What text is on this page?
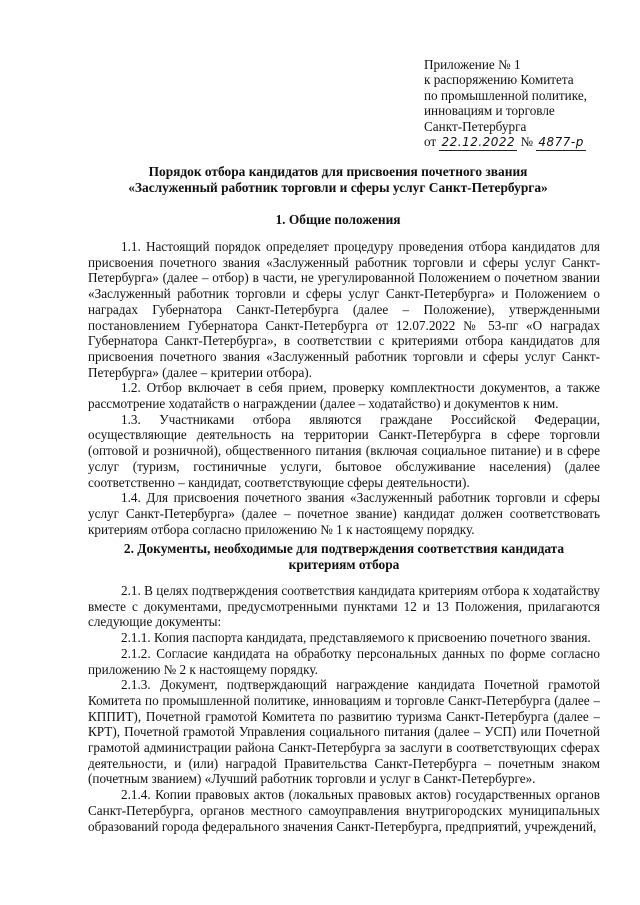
Приложение № 1
к распоряжению Комитета
по промышленной политике,
инновациям и торговле
Санкт-Петербурга
от 22.12.2022 № 4877-р
Порядок отбора кандидатов для присвоения почетного звания
«Заслуженный работник торговли и сферы услуг Санкт-Петербурга»
1. Общие положения

1.1. Настоящий порядок определяет процедуру проведения отбора кандидатов для присвоения почетного звания «Заслуженный работник торговли и сферы услуг Санкт-Петербурга» (далее – отбор) в части, не урегулированной Положением о почетном звании «Заслуженный работник торговли и сферы услуг Санкт-Петербурга» и Положением о наградах Губернатора Санкт-Петербурга (далее – Положение), утвержденными постановлением Губернатора Санкт-Петербурга от 12.07.2022 № 53-пг «О наградах Губернатора Санкт-Петербурга», в соответствии с критериями отбора кандидатов для присвоения почетного звания «Заслуженный работник торговли и сферы услуг Санкт-Петербурга» (далее – критерии отбора).

1.2. Отбор включает в себя прием, проверку комплектности документов, а также рассмотрение ходатайств о награждении (далее – ходатайство) и документов к ним.

1.3. Участниками отбора являются граждане Российской Федерации, осуществляющие деятельность на территории Санкт-Петербурга в сфере торговли (оптовой и розничной), общественного питания (включая социальное питание) и в сфере услуг (туризм, гостиничные услуги, бытовое обслуживание населения) (далее соответственно – кандидат, соответствующие сферы деятельности).

1.4. Для присвоения почетного звания «Заслуженный работник торговли и сферы услуг Санкт-Петербурга» (далее – почетное звание) кандидат должен соответствовать критериям отбора согласно приложению № 1 к настоящему порядку.

2. Документы, необходимые для подтверждения соответствия кандидата
критериям отбора

2.1. В целях подтверждения соответствия кандидата критериям отбора к ходатайству вместе с документами, предусмотренными пунктами 12 и 13 Положения, прилагаются следующие документы:

2.1.1. Копия паспорта кандидата, представляемого к присвоению почетного звания.

2.1.2. Согласие кандидата на обработку персональных данных по форме согласно приложению № 2 к настоящему порядку.

2.1.3. Документ, подтверждающий награждение кандидата Почетной грамотой Комитета по промышленной политике, инновациям и торговле Санкт-Петербурга (далее – КППИТ), Почетной грамотой Комитета по развитию туризма Санкт-Петербурга (далее – КРТ), Почетной грамотой Управления социального питания (далее – УСП) или Почетной грамотой администрации района Санкт-Петербурга за заслуги в соответствующих сферах деятельности, и (или) наградой Правительства Санкт-Петербурга – почетным знаком (почетным званием) «Лучший работник торговли и услуг в Санкт-Петербурге».

2.1.4. Копии правовых актов (локальных правовых актов) государственных органов Санкт-Петербурга, органов местного самоуправления внутригородских муниципальных образований города федерального значения Санкт-Петербурга, предприятий, учреждений,
